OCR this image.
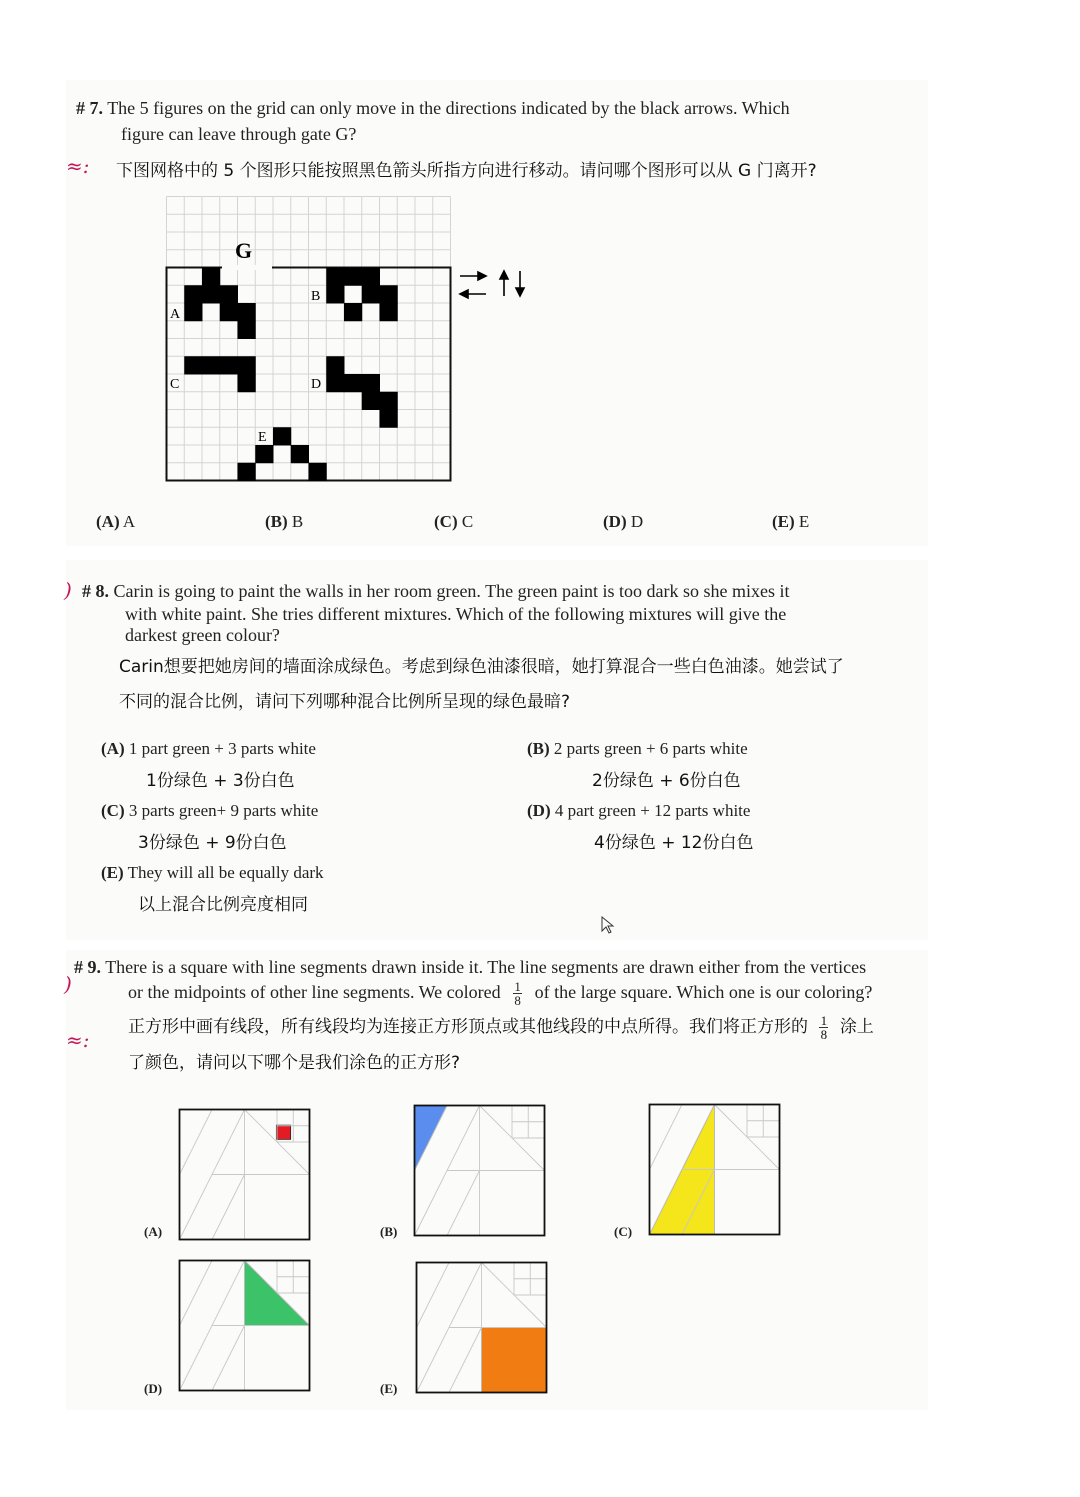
# 7. The 5 figures on the grid can only move in the directions indicated by the black arrows. Which
figure can leave through gate G?
≈: 下图网格中的 5 个图形只能按照黑色箭头所指方向进行移动。请问哪个图形可以从 G 门离开?
G
A
B
C	D
E
(A) A	(B) B	(C) C	(D) D	(E) E
) # 8. Carin is going to paint the walls in her room green. The green paint is too dark so she mixes it
with white paint. She tries different mixtures. Which of the following mixtures will give the
darkest green colour?
Carin想要把她房间的墙面涂成绿色。考虑到绿色油漆很暗，她打算混合一些白色油漆。她尝试了
不同的混合比例，请问下列哪种混合比例所呈现的绿色最暗?
(A) 1 part green + 3 parts white
1份绿色 + 3份白色
(B) 2 parts green + 6 parts white
2份绿色 + 6份白色
(C) 3 parts green+ 9 parts white
3份绿色 + 9份白色
(D) 4 part green + 12 parts white
4份绿色 + 12份白色
(E) They will all be equally dark
以上混合比例亮度相同
# 9. There is a square with line segments drawn inside it. The line segments are drawn either from the vertices
)	or the midpoints of other line segments. We colored $\frac{1}{8}$ of the large square. Which one is our coloring?
≈:
正方形中画有线段，所有线段均为连接正方形顶点或其他线段的中点所得。我们将正方形的 $\frac{1}{8}$ 涂上
了颜色，请问以下哪个是我们涂色的正方形?
(A)	(B)	(C)
(D)	(E)
